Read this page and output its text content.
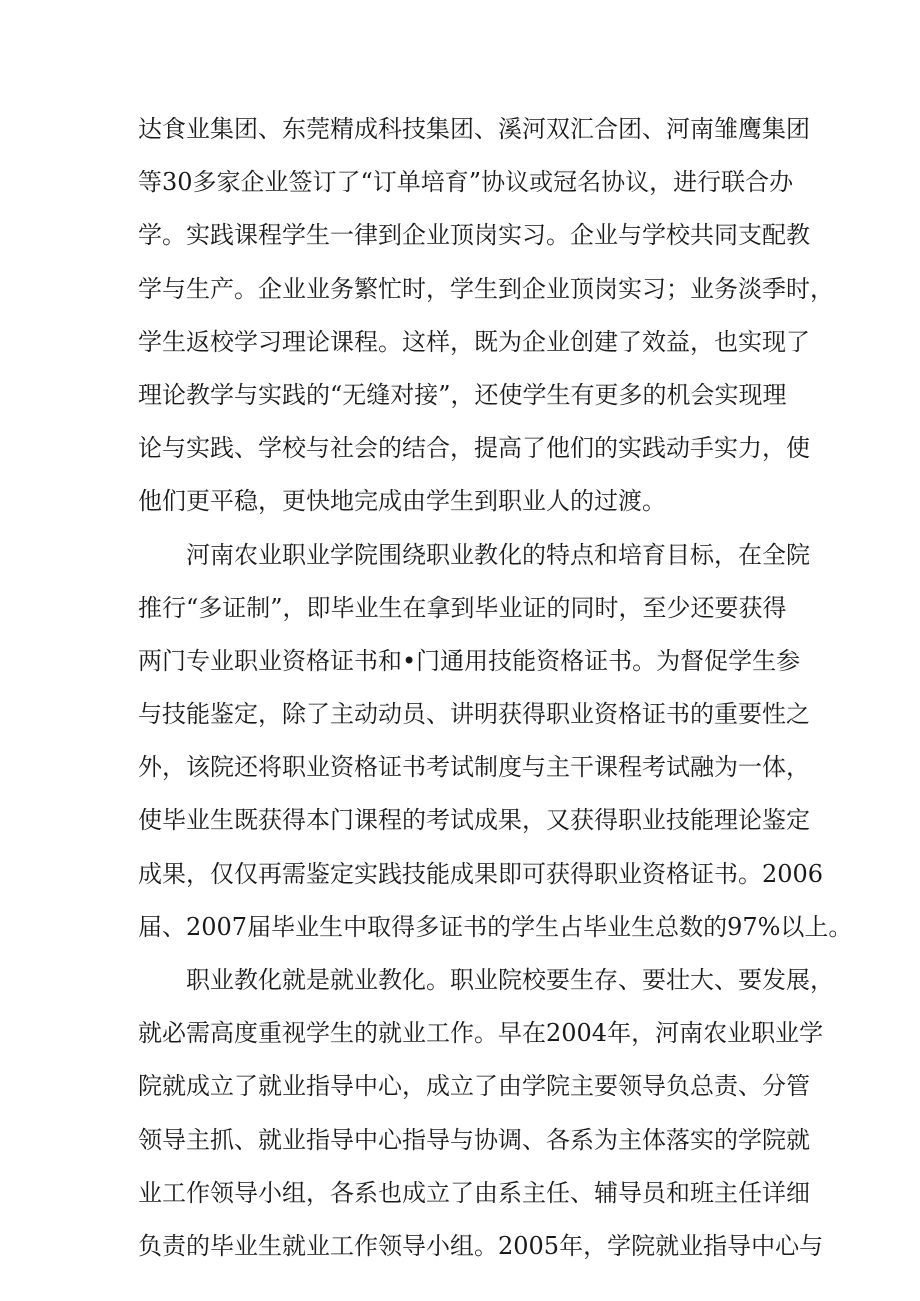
达食业集团、东莞精成科技集团、溪河双汇合团、河南雏鹰集团
等30多家企业签订了“订单培育”协议或冠名协议，进行联合办
学。实践课程学生一律到企业顶岗实习。企业与学校共同支配教
学与生产。企业业务繁忙时，学生到企业顶岗实习；业务淡季时，
学生返校学习理论课程。这样，既为企业创建了效益，也实现了
理论教学与实践的“无缝对接”，还使学生有更多的机会实现理
论与实践、学校与社会的结合，提高了他们的实践动手实力，使
他们更平稳，更快地完成由学生到职业人的过渡。
河南农业职业学院围绕职业教化的特点和培育目标，在全院
推行“多证制”，即毕业生在拿到毕业证的同时，至少还要获得
两门专业职业资格证书和•门通用技能资格证书。为督促学生参
与技能鉴定，除了主动动员、讲明获得职业资格证书的重要性之
外，该院还将职业资格证书考试制度与主干课程考试融为一体，
使毕业生既获得本门课程的考试成果，又获得职业技能理论鉴定
成果，仅仅再需鉴定实践技能成果即可获得职业资格证书。2006
届、2007届毕业生中取得多证书的学生占毕业生总数的97%以上。
职业教化就是就业教化。职业院校要生存、要壮大、要发展，
就必需高度重视学生的就业工作。早在2004年，河南农业职业学
院就成立了就业指导中心，成立了由学院主要领导负总责、分管
领导主抓、就业指导中心指导与协调、各系为主体落实的学院就
业工作领导小组，各系也成立了由系主任、辅导员和班主任详细
负责的毕业生就业工作领导小组。2005年，学院就业指导中心与
